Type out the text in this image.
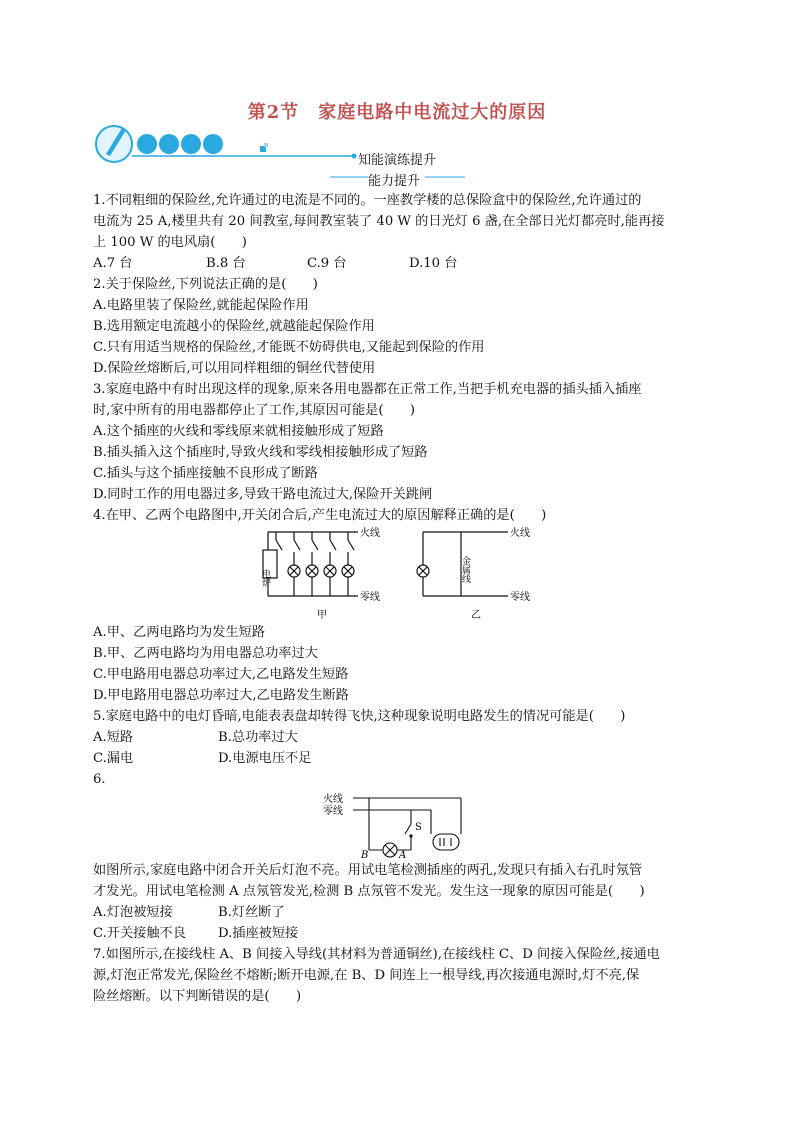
第2节　家庭电路中电流过大的原因
知能演练提升
能力提升
1.不同粗细的保险丝,允许通过的电流是不同的。一座教学楼的总保险盒中的保险丝,允许通过的
电流为 25 A,楼里共有 20 间教室,每间教室装了 40 W 的日光灯 6 盏,在全部日光灯都亮时,能再接
上 100 W 的电风扇(　　)
A.7 台	B.8 台	C.9 台	D.10 台
2.关于保险丝,下列说法正确的是(　　)
A.电路里装了保险丝,就能起保险作用
B.选用额定电流越小的保险丝,就越能起保险作用
C.只有用适当规格的保险丝,才能既不妨碍供电,又能起到保险的作用
D.保险丝熔断后,可以用同样粗细的铜丝代替使用
3.家庭电路中有时出现这样的现象,原来各用电器都在正常工作,当把手机充电器的插头插入插座
时,家中所有的用电器都停止了工作,其原因可能是(　　)
A.这个插座的火线和零线原来就相接触形成了短路
B.插头插入这个插座时,导致火线和零线相接触形成了短路
C.插头与这个插座接触不良形成了断路
D.同时工作的用电器过多,导致干路电流过大,保险开关跳闸
4.在甲、乙两个电路图中,开关闭合后,产生电流过大的原因解释正确的是(　　)
电炉
火线
零线
甲
金属线
火线
零线
乙
A.甲、乙两电路均为发生短路
B.甲、乙两电路均为用电器总功率过大
C.甲电路用电器总功率过大,乙电路发生短路
D.甲电路用电器总功率过大,乙电路发生断路
5.家庭电路中的电灯昏暗,电能表表盘却转得飞快,这种现象说明电路发生的情况可能是(　　)
A.短路	B.总功率过大
C.漏电	D.电源电压不足
6.
火线
零线
B	A
S
如图所示,家庭电路中闭合开关后灯泡不亮。用试电笔检测插座的两孔,发现只有插入右孔时氖管
才发光。用试电笔检测 A 点氖管发光,检测 B 点氖管不发光。发生这一现象的原因可能是(　　)
A.灯泡被短接	B.灯丝断了
C.开关接触不良	D.插座被短接
7.如图所示,在接线柱 A、B 间接入导线(其材料为普通铜丝),在接线柱 C、D 间接入保险丝,接通电
源,灯泡正常发光,保险丝不熔断;断开电源,在 B、D 间连上一根导线,再次接通电源时,灯不亮,保
险丝熔断。以下判断错误的是(　　)
